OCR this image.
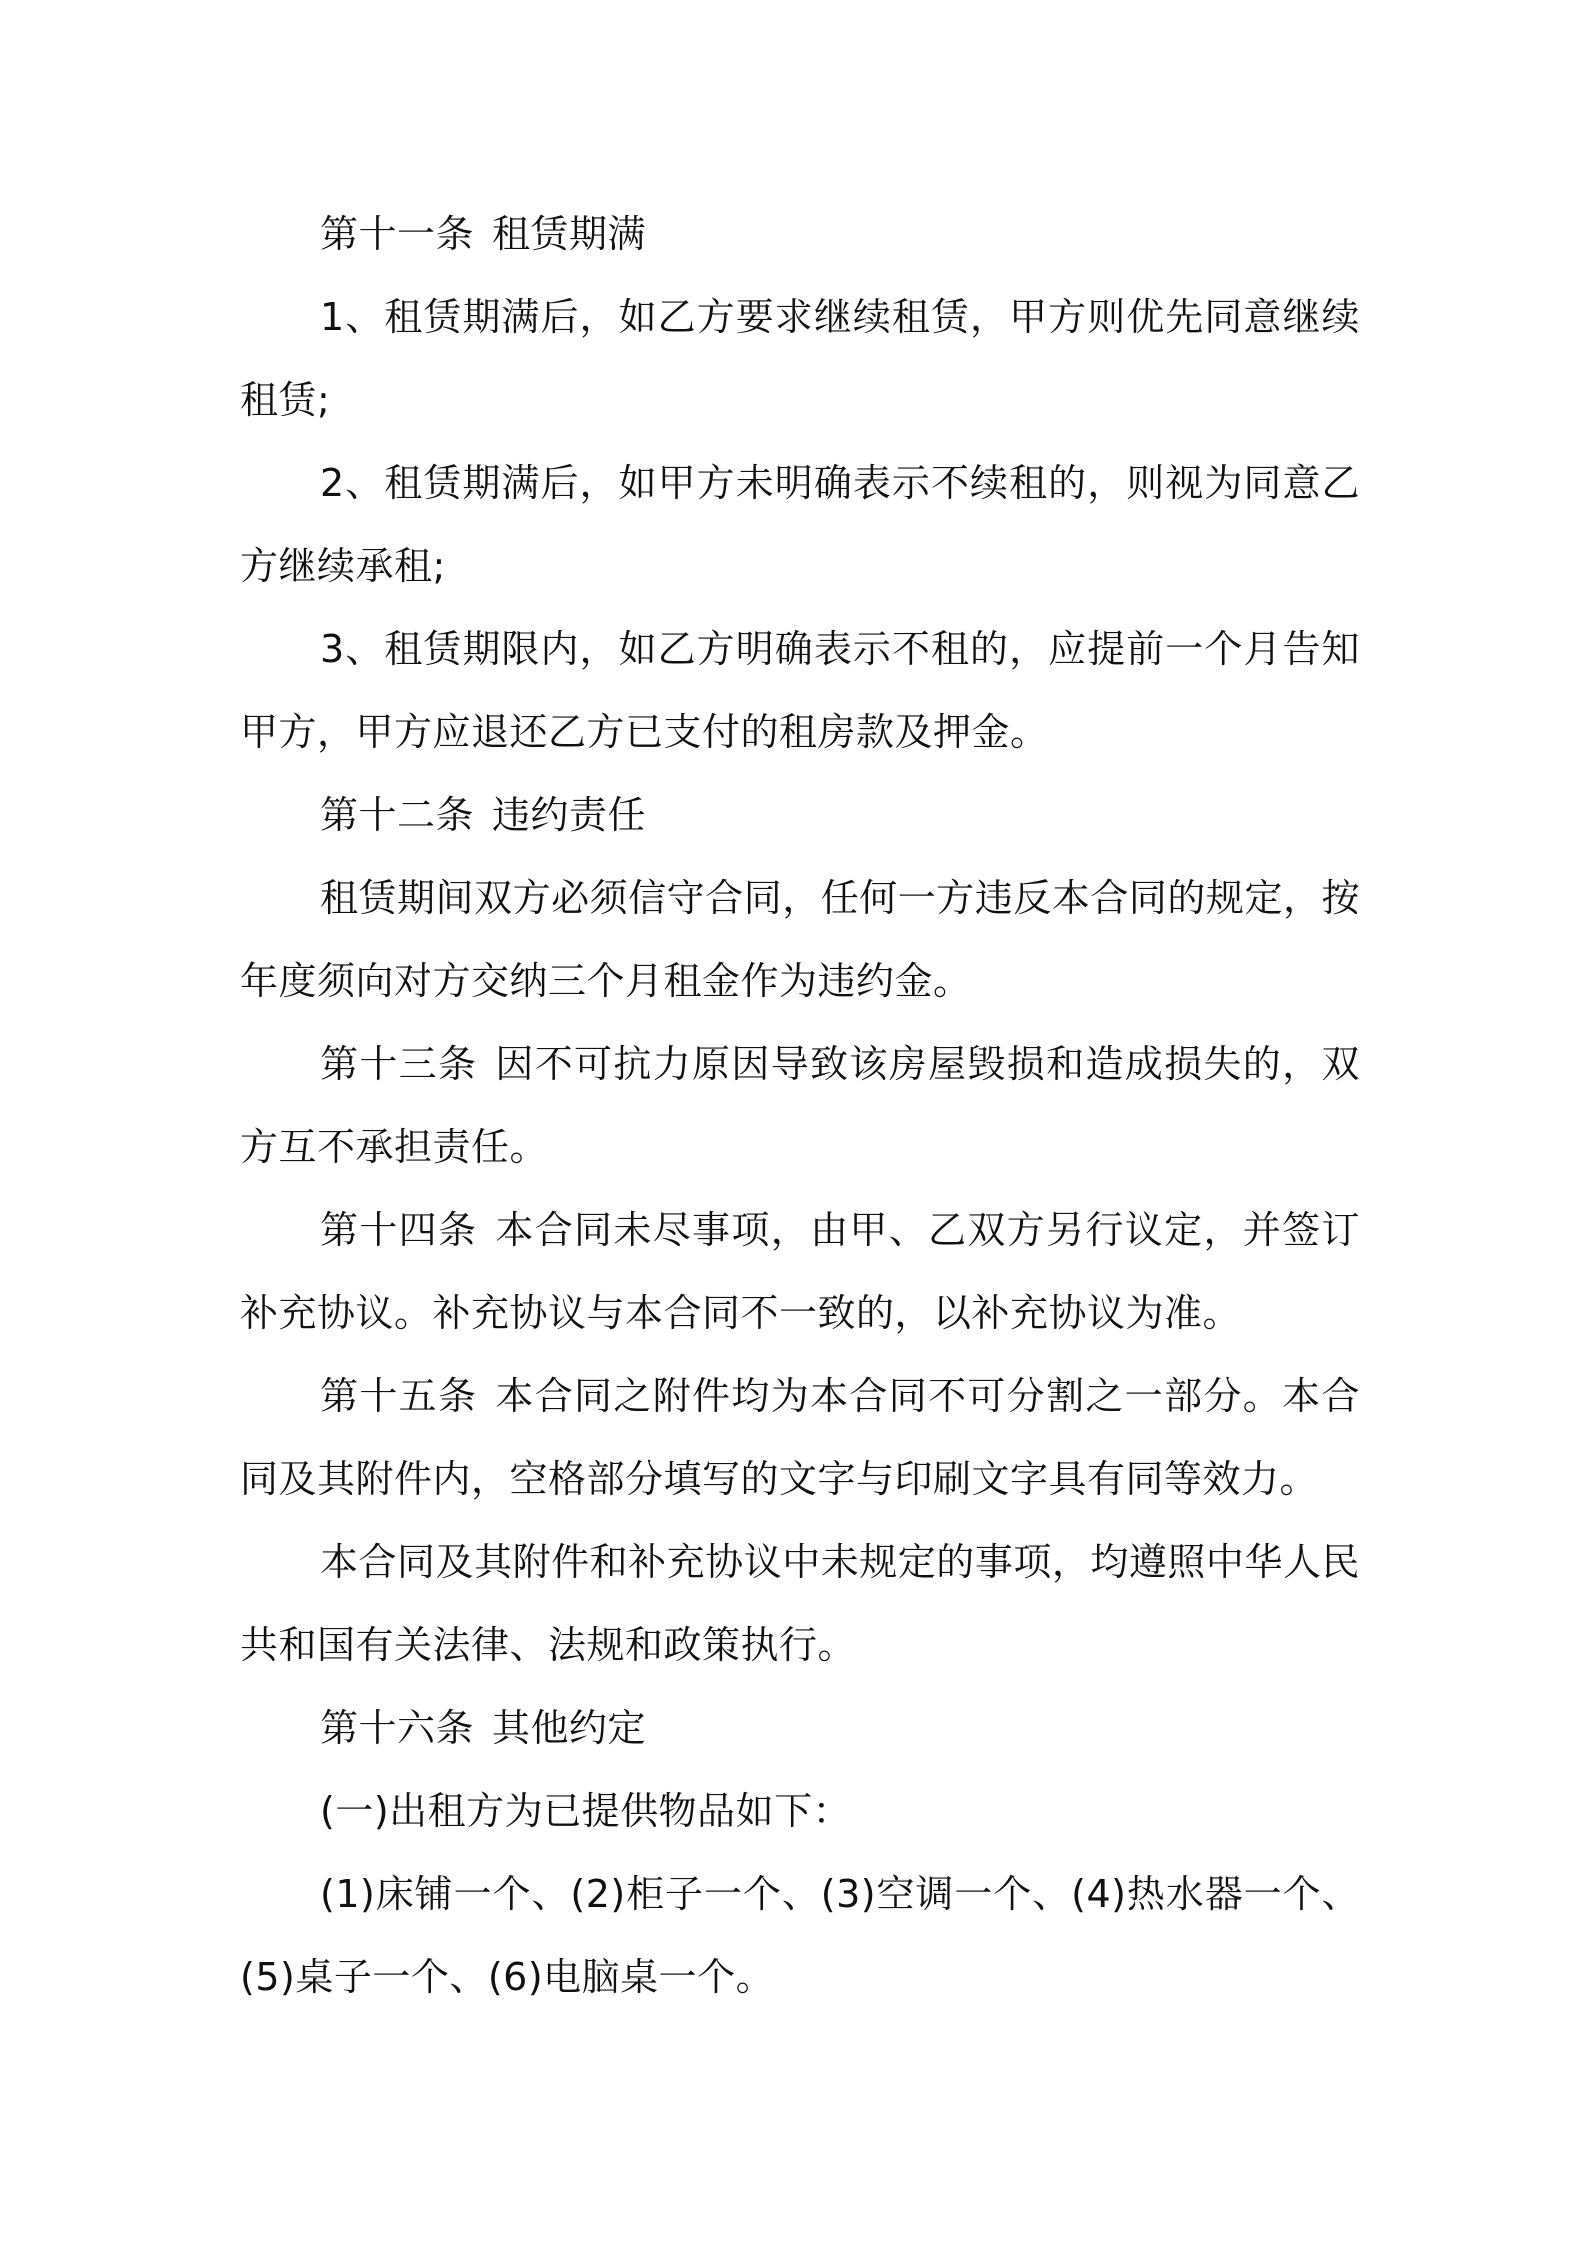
第十一条 租赁期满

1、租赁期满后，如乙方要求继续租赁，甲方则优先同意继续租赁;

2、租赁期满后，如甲方未明确表示不续租的，则视为同意乙方继续承租;

3、租赁期限内，如乙方明确表示不租的，应提前一个月告知甲方，甲方应退还乙方已支付的租房款及押金。

第十二条 违约责任

租赁期间双方必须信守合同，任何一方违反本合同的规定，按年度须向对方交纳三个月租金作为违约金。

第十三条 因不可抗力原因导致该房屋毁损和造成损失的，双方互不承担责任。

第十四条 本合同未尽事项，由甲、乙双方另行议定，并签订补充协议。补充协议与本合同不一致的，以补充协议为准。

第十五条 本合同之附件均为本合同不可分割之一部分。本合同及其附件内，空格部分填写的文字与印刷文字具有同等效力。

本合同及其附件和补充协议中未规定的事项，均遵照中华人民共和国有关法律、法规和政策执行。

第十六条 其他约定

(一)出租方为已提供物品如下：

(1)床铺一个、(2)柜子一个、(3)空调一个、(4)热水器一个、(5)桌子一个、(6)电脑桌一个。
